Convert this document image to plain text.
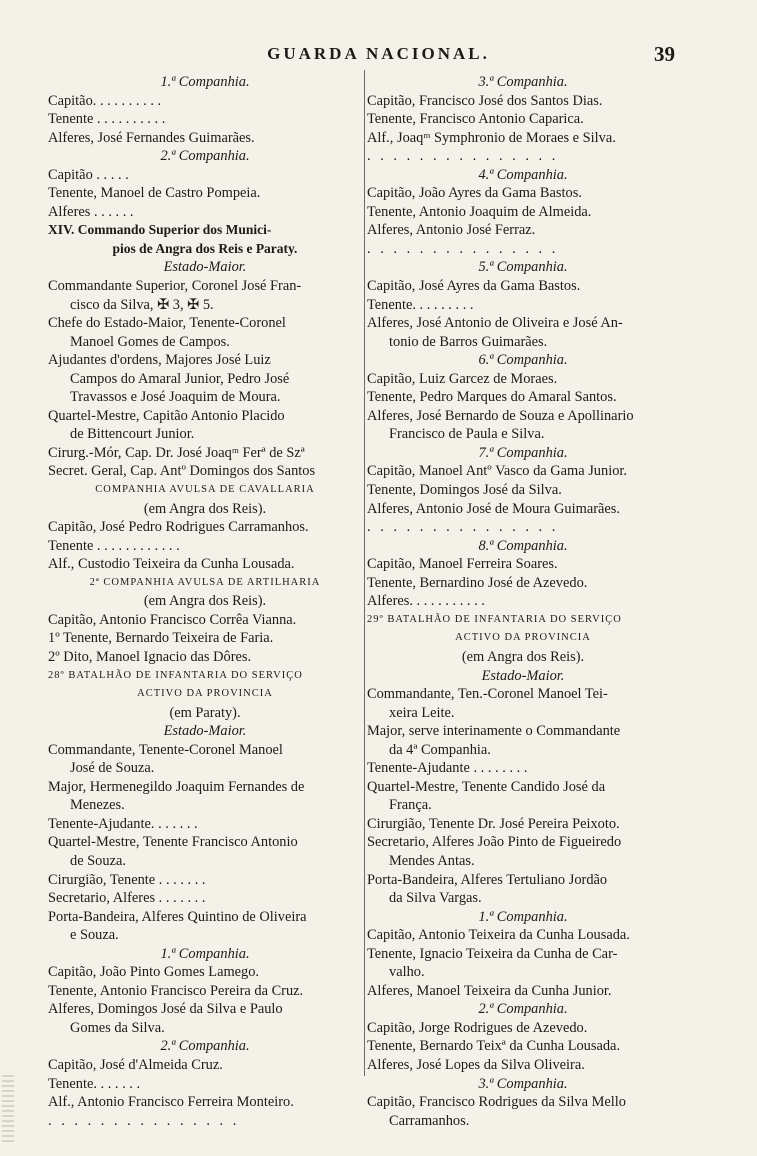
GUARDA NACIONAL.	39
1.ª Companhia.
Capitão. . . . . . . . . .
Tenente . . . . . . . . . .
Alferes, José Fernandes Guimarães.
2.ª Companhia.
Capitão . . . . .
Tenente, Manoel de Castro Pompeia.
Alferes . . . . . .
XIV. Commando Superior dos Munici-
pios de Angra dos Reis e Paraty.
Estado-Maior.
Commandante Superior, Coronel José Fran-
cisco da Silva, ✠ 3, ✠ 5.
Chefe do Estado-Maior, Tenente-Coronel
Manoel Gomes de Campos.
Ajudantes d'ordens, Majores José Luiz
Campos do Amaral Junior, Pedro José
Travassos e José Joaquim de Moura.
Quartel-Mestre, Capitão Antonio Placido
de Bittencourt Junior.
Cirurg.-Mór, Cap. Dr. José Joaqᵐ Ferª de Szª
Secret. Geral, Cap. Antº Domingos dos Santos
COMPANHIA AVULSA DE CAVALLARIA
(em Angra dos Reis).
Capitão, José Pedro Rodrigues Carramanhos.
Tenente . . . . . . . . . . . .
Alf., Custodio Teixeira da Cunha Lousada.
2ª COMPANHIA AVULSA DE ARTILHARIA
(em Angra dos Reis).
Capitão, Antonio Francisco Corrêa Vianna.
1º Tenente, Bernardo Teixeira de Faria.
2º Dito, Manoel Ignacio das Dôres.
28º BATALHÃO DE INFANTARIA DO SERVIÇO
ACTIVO DA PROVINCIA
(em Paraty).
Estado-Maior.
Commandante, Tenente-Coronel Manoel
José de Souza.
Major, Hermenegildo Joaquim Fernandes de
Menezes.
Tenente-Ajudante. . . . . . .
Quartel-Mestre, Tenente Francisco Antonio
de Souza.
Cirurgião, Tenente . . . . . . .
Secretario, Alferes . . . . . . .
Porta-Bandeira, Alferes Quintino de Oliveira
e Souza.
1.ª Companhia.
Capitão, João Pinto Gomes Lamego.
Tenente, Antonio Francisco Pereira da Cruz.
Alferes, Domingos José da Silva e Paulo
Gomes da Silva.
2.ª Companhia.
Capitão, José d'Almeida Cruz.
Tenente. . . . . . .
Alf., Antonio Francisco Ferreira Monteiro.
. . . . . . . . . . . . . . .
3.ª Companhia.
Capitão, Francisco José dos Santos Dias.
Tenente, Francisco Antonio Caparica.
Alf., Joaqᵐ Symphronio de Moraes e Silva.
. . . . . . . . . . . . . . .
4.ª Companhia.
Capitão, João Ayres da Gama Bastos.
Tenente, Antonio Joaquim de Almeida.
Alferes, Antonio José Ferraz.
. . . . . . . . . . . . . . .
5.ª Companhia.
Capitão, José Ayres da Gama Bastos.
Tenente. . . . . . . . .
Alferes, José Antonio de Oliveira e José An-
tonio de Barros Guimarães.
6.ª Companhia.
Capitão, Luiz Garcez de Moraes.
Tenente, Pedro Marques do Amaral Santos.
Alferes, José Bernardo de Souza e Apollinario
Francisco de Paula e Silva.
7.ª Companhia.
Capitão, Manoel Antº Vasco da Gama Junior.
Tenente, Domingos José da Silva.
Alferes, Antonio José de Moura Guimarães.
. . . . . . . . . . . . . . .
8.ª Companhia.
Capitão, Manoel Ferreira Soares.
Tenente, Bernardino José de Azevedo.
Alferes. . . . . . . . . . .
29º BATALHÃO DE INFANTARIA DO SERVIÇO
ACTIVO DA PROVINCIA
(em Angra dos Reis).
Estado-Maior.
Commandante, Ten.-Coronel Manoel Tei-
xeira Leite.
Major, serve interinamente o Commandante
da 4ª Companhia.
Tenente-Ajudante . . . . . . . .
Quartel-Mestre, Tenente Candido José da
França.
Cirurgião, Tenente Dr. José Pereira Peixoto.
Secretario, Alferes João Pinto de Figueiredo
Mendes Antas.
Porta-Bandeira, Alferes Tertuliano Jordão
da Silva Vargas.
1.ª Companhia.
Capitão, Antonio Teixeira da Cunha Lousada.
Tenente, Ignacio Teixeira da Cunha de Car-
valho.
Alferes, Manoel Teixeira da Cunha Junior.
2.ª Companhia.
Capitão, Jorge Rodrigues de Azevedo.
Tenente, Bernardo Teixª da Cunha Lousada.
Alferes, José Lopes da Silva Oliveira.
3.ª Companhia.
Capitão, Francisco Rodrigues da Silva Mello
Carramanhos.
